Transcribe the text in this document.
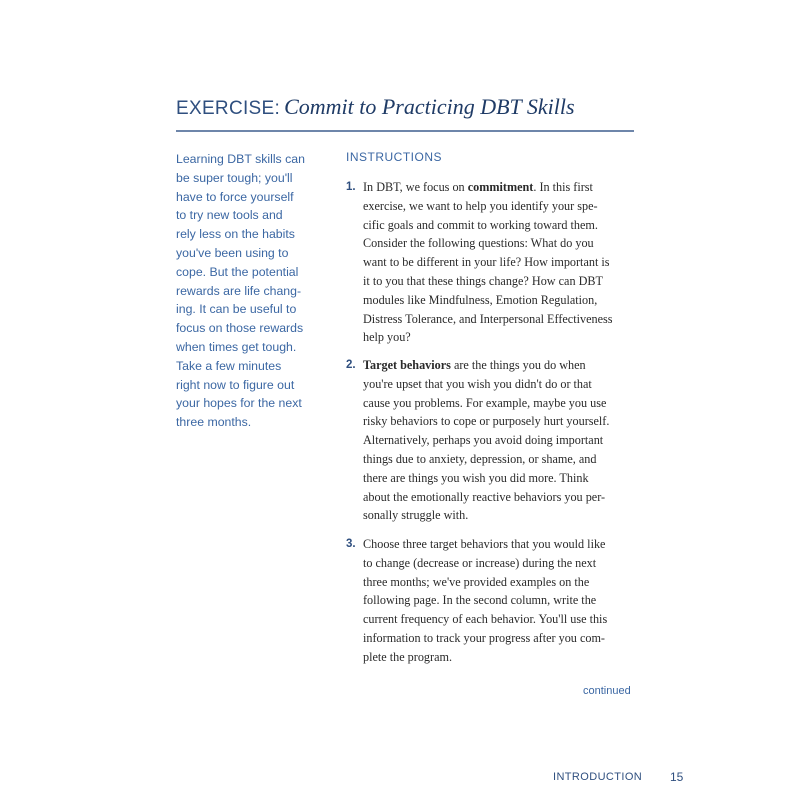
EXERCISE: Commit to Practicing DBT Skills

Learning DBT skills can
be super tough; you'll
have to force yourself
to try new tools and
rely less on the habits
you've been using to
cope. But the potential
rewards are life chang-
ing. It can be useful to
focus on those rewards
when times get tough.
Take a few minutes
right now to figure out
your hopes for the next
three months.

INSTRUCTIONS
1. In DBT, we focus on commitment. In this first
exercise, we want to help you identify your spe-
cific goals and commit to working toward them.
Consider the following questions: What do you
want to be different in your life? How important is
it to you that these things change? How can DBT
modules like Mindfulness, Emotion Regulation,
Distress Tolerance, and Interpersonal Effectiveness
help you?
2. Target behaviors are the things you do when
you're upset that you wish you didn't do or that
cause you problems. For example, maybe you use
risky behaviors to cope or purposely hurt yourself.
Alternatively, perhaps you avoid doing important
things due to anxiety, depression, or shame, and
there are things you wish you did more. Think
about the emotionally reactive behaviors you per-
sonally struggle with.
3. Choose three target behaviors that you would like
to change (decrease or increase) during the next
three months; we've provided examples on the
following page. In the second column, write the
current frequency of each behavior. You'll use this
information to track your progress after you com-
plete the program.
continued
INTRODUCTION 15
